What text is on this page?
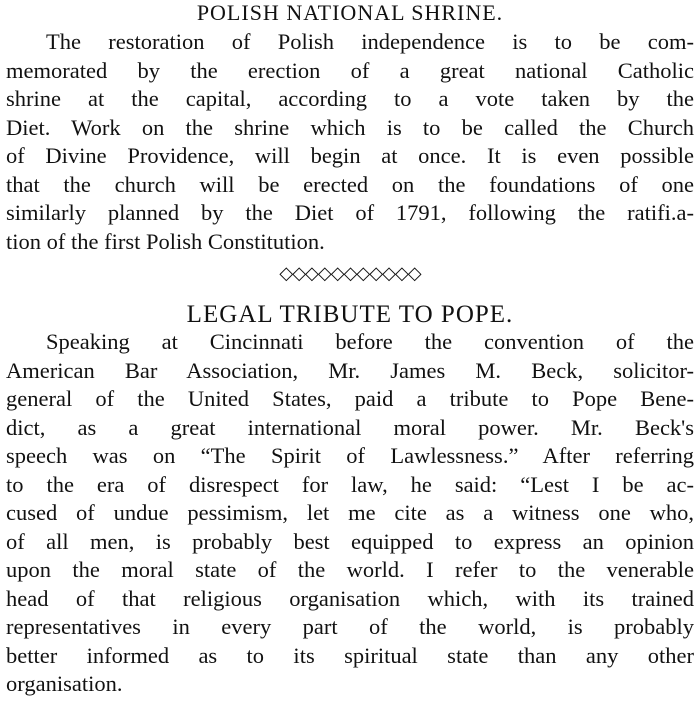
POLISH NATIONAL SHRINE.
The restoration of Polish independence is to be com-
memorated by the erection of a great national Catholic
shrine at the capital, according to a vote taken by the
Diet. Work on the shrine which is to be called the Church
of Divine Providence, will begin at once. It is even possible
that the church will be erected on the foundations of one
similarly planned by the Diet of 1791, following the ratifi.a-
tion of the first Polish Constitution.
◇◇◇◇◇◇◇◇◇◇◇
LEGAL TRIBUTE TO POPE.
Speaking at Cincinnati before the convention of the
American Bar Association, Mr. James M. Beck, solicitor-
general of the United States, paid a tribute to Pope Bene-
dict, as a great international moral power. Mr. Beck's
speech was on “The Spirit of Lawlessness.” After referring
to the era of disrespect for law, he said: “Lest I be ac-
cused of undue pessimism, let me cite as a witness one who,
of all men, is probably best equipped to express an opinion
upon the moral state of the world. I refer to the venerable
head of that religious organisation which, with its trained
representatives in every part of the world, is probably
better informed as to its spiritual state than any other
organisation.
